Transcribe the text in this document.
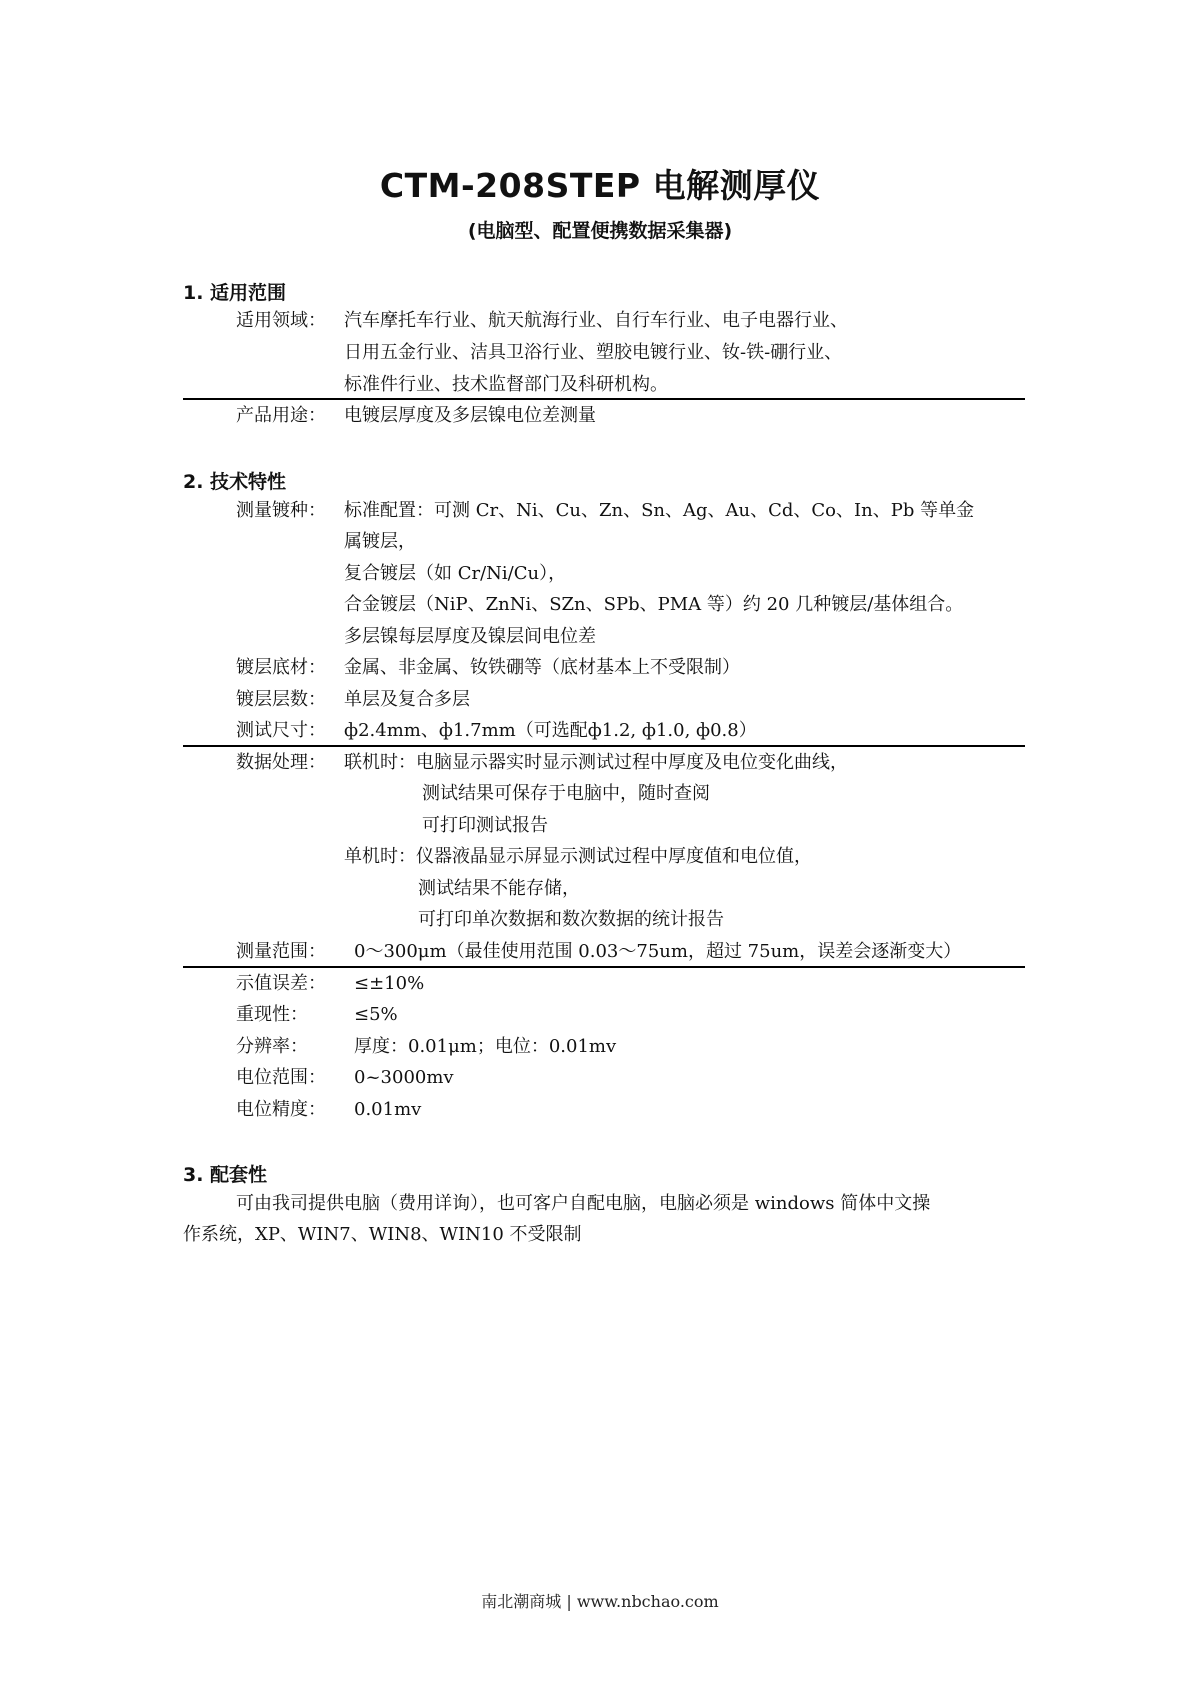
CTM-208STEP 电解测厚仪
(电脑型、配置便携数据采集器)
1. 适用范围
适用领域： 汽车摩托车行业、航天航海行业、自行车行业、电子电器行业、
日用五金行业、洁具卫浴行业、塑胶电镀行业、钕-铁-硼行业、
标准件行业、技术监督部门及科研机构。
产品用途： 电镀层厚度及多层镍电位差测量
2. 技术特性
测量镀种： 标准配置：可测 Cr、Ni、Cu、Zn、Sn、Ag、Au、Cd、Co、In、Pb 等单金
属镀层，
复合镀层（如 Cr/Ni/Cu），
合金镀层（NiP、ZnNi、SZn、SPb、PMA 等）约 20 几种镀层/基体组合。
多层镍每层厚度及镍层间电位差
镀层底材： 金属、非金属、钕铁硼等（底材基本上不受限制）
镀层层数： 单层及复合多层
测试尺寸： ф2.4mm、ф1.7mm（可选配ф1.2, ф1.0, ф0.8）
数据处理： 联机时：电脑显示器实时显示测试过程中厚度及电位变化曲线，
测试结果可保存于电脑中，随时查阅
可打印测试报告
单机时：仪器液晶显示屏显示测试过程中厚度值和电位值，
测试结果不能存储，
可打印单次数据和数次数据的统计报告
测量范围： 0～300μm（最佳使用范围 0.03～75um，超过 75um，误差会逐渐变大）
示值误差： ≤±10%
重现性：	≤5%
分辨率：	厚度：0.01μm；电位：0.01mv
电位范围： 0~3000mv
电位精度： 0.01mv
3. 配套性
可由我司提供电脑（费用详询），也可客户自配电脑，电脑必须是 windows 简体中文操
作系统，XP、WIN7、WIN8、WIN10 不受限制
南北潮商城 | www.nbchao.com
